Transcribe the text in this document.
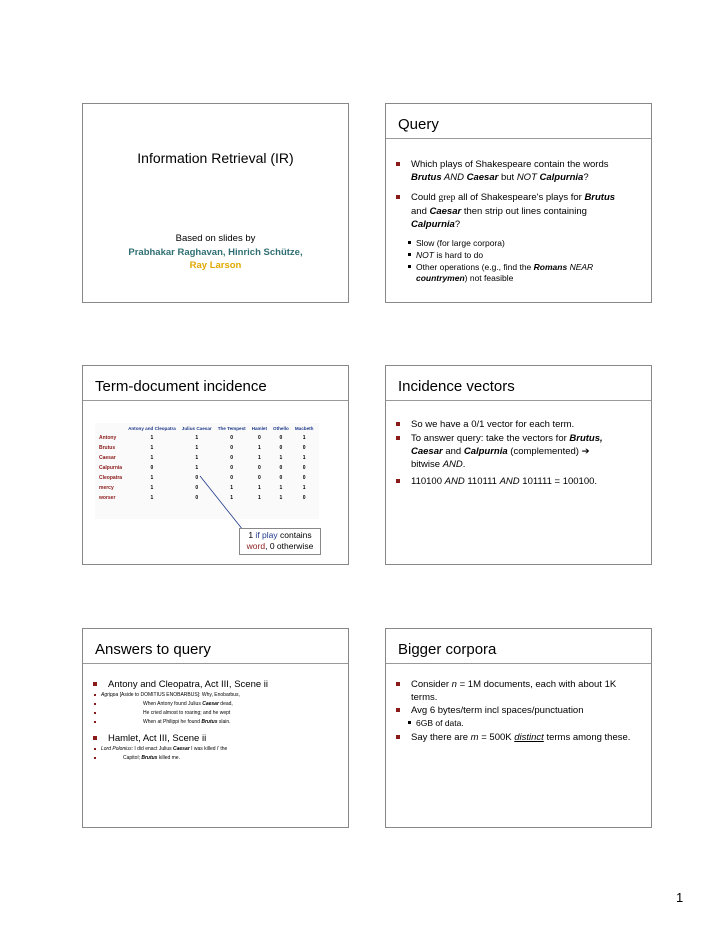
Information Retrieval (IR)
Based on slides by
Prabhakar Raghavan, Hinrich Schütze,
Ray Larson
Query
Which plays of Shakespeare contain the words
Brutus AND Caesar but NOT Calpurnia?
Could grep all of Shakespeare's plays for Brutus
and Caesar then strip out lines containing
Calpurnia?
Slow (for large corpora)
NOT is hard to do
Other operations (e.g., find the Romans NEAR
countrymen) not feasible
Term-document incidence
	Antony and Cleopatra	Julius Caesar	The Tempest	Hamlet	Othello	Macbeth
Antony	1	1	0	0	0	1
Brutus	1	1	0	1	0	0
Caesar	1	1	0	1	1	1
Calpurnia	0	1	0	0	0	0
Cleopatra	1	0	0	0	0	0
mercy	1	0	1	1	1	1
worser	1	0	1	1	1	0
1 if play contains
word, 0 otherwise
Incidence vectors
So we have a 0/1 vector for each term.
To answer query: take the vectors for Brutus,
Caesar and Calpurnia (complemented) ➔
bitwise AND.
110100 AND 110111 AND 101111 = 100100.
Answers to query
Antony and Cleopatra, Act III, Scene ii
Agrippa [Aside to DOMITIUS ENOBARBUS]: Why, Enobarbus,
When Antony found Julius Caesar dead,
He cried almost to roaring; and he wept
When at Philippi he found Brutus slain.
Hamlet, Act III, Scene ii
Lord Polonius: I did enact Julius Caesar I was killed i' the
Capitol; Brutus killed me.
Bigger corpora
Consider n = 1M documents, each with about 1K terms.
Avg 6 bytes/term incl spaces/punctuation
6GB of data.
Say there are m = 500K distinct terms among these.
1
